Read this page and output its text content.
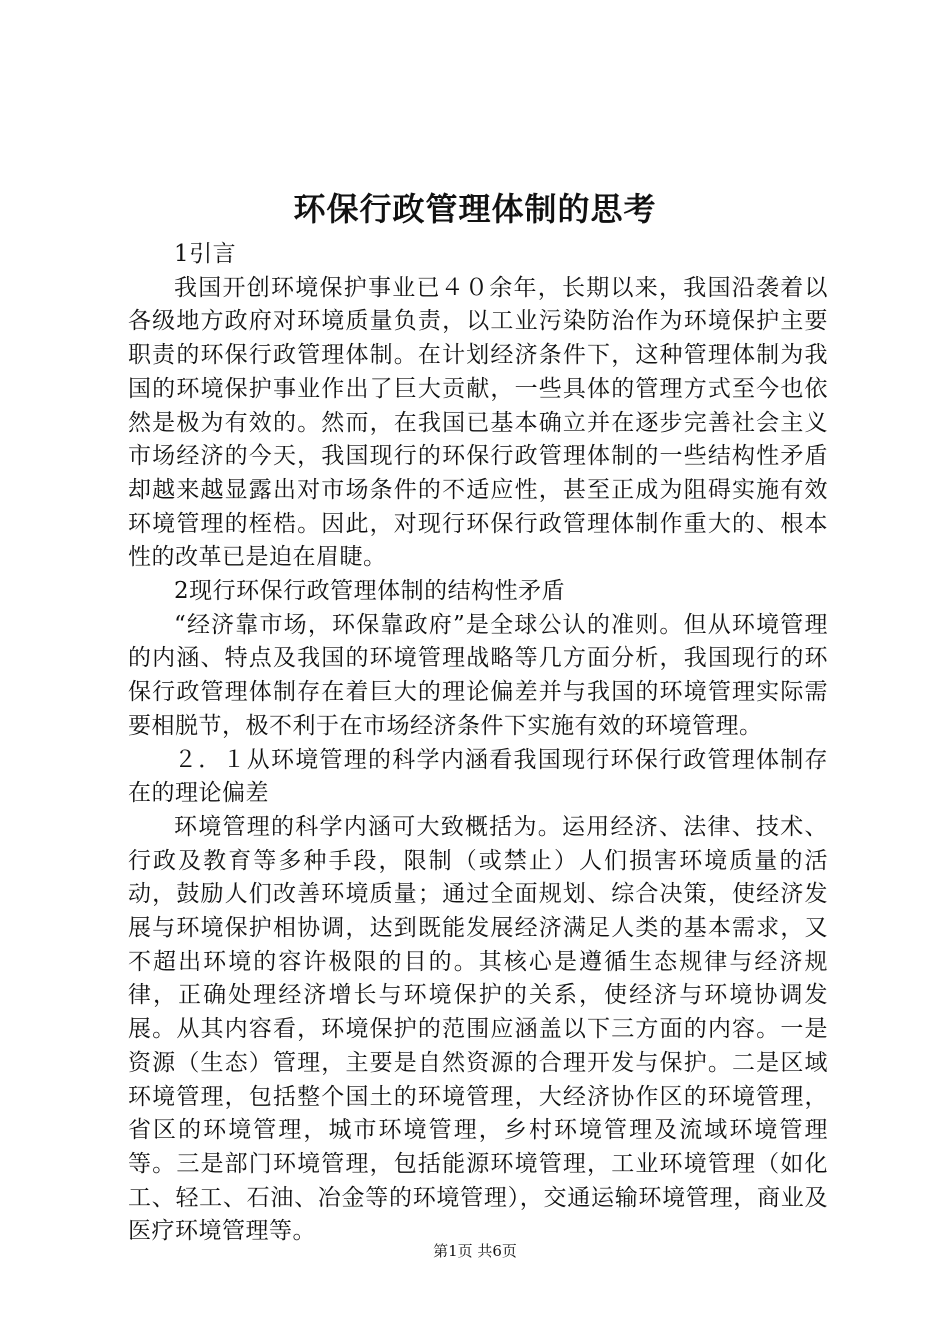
环保行政管理体制的思考

1引言

我国开创环境保护事业已４０余年，长期以来，我国沿袭着以各级地方政府对环境质量负责，以工业污染防治作为环境保护主要职责的环保行政管理体制。在计划经济条件下，这种管理体制为我国的环境保护事业作出了巨大贡献，一些具体的管理方式至今也依然是极为有效的。然而，在我国已基本确立并在逐步完善社会主义市场经济的今天，我国现行的环保行政管理体制的一些结构性矛盾却越来越显露出对市场条件的不适应性，甚至正成为阻碍实施有效环境管理的桎梏。因此，对现行环保行政管理体制作重大的、根本性的改革已是迫在眉睫。

2现行环保行政管理体制的结构性矛盾

“经济靠市场，环保靠政府”是全球公认的准则。但从环境管理的内涵、特点及我国的环境管理战略等几方面分析，我国现行的环保行政管理体制存在着巨大的理论偏差并与我国的环境管理实际需要相脱节，极不利于在市场经济条件下实施有效的环境管理。

２．１从环境管理的科学内涵看我国现行环保行政管理体制存在的理论偏差

环境管理的科学内涵可大致概括为。运用经济、法律、技术、行政及教育等多种手段，限制（或禁止）人们损害环境质量的活动，鼓励人们改善环境质量；通过全面规划、综合决策，使经济发展与环境保护相协调，达到既能发展经济满足人类的基本需求，又不超出环境的容许极限的目的。其核心是遵循生态规律与经济规律，正确处理经济增长与环境保护的关系，使经济与环境协调发展。从其内容看，环境保护的范围应涵盖以下三方面的内容。一是资源（生态）管理，主要是自然资源的合理开发与保护。二是区域环境管理，包括整个国土的环境管理，大经济协作区的环境管理，省区的环境管理，城市环境管理，乡村环境管理及流域环境管理等。三是部门环境管理，包括能源环境管理，工业环境管理（如化工、轻工、石油、冶金等的环境管理），交通运输环境管理，商业及医疗环境管理等。

第1页 共6页
